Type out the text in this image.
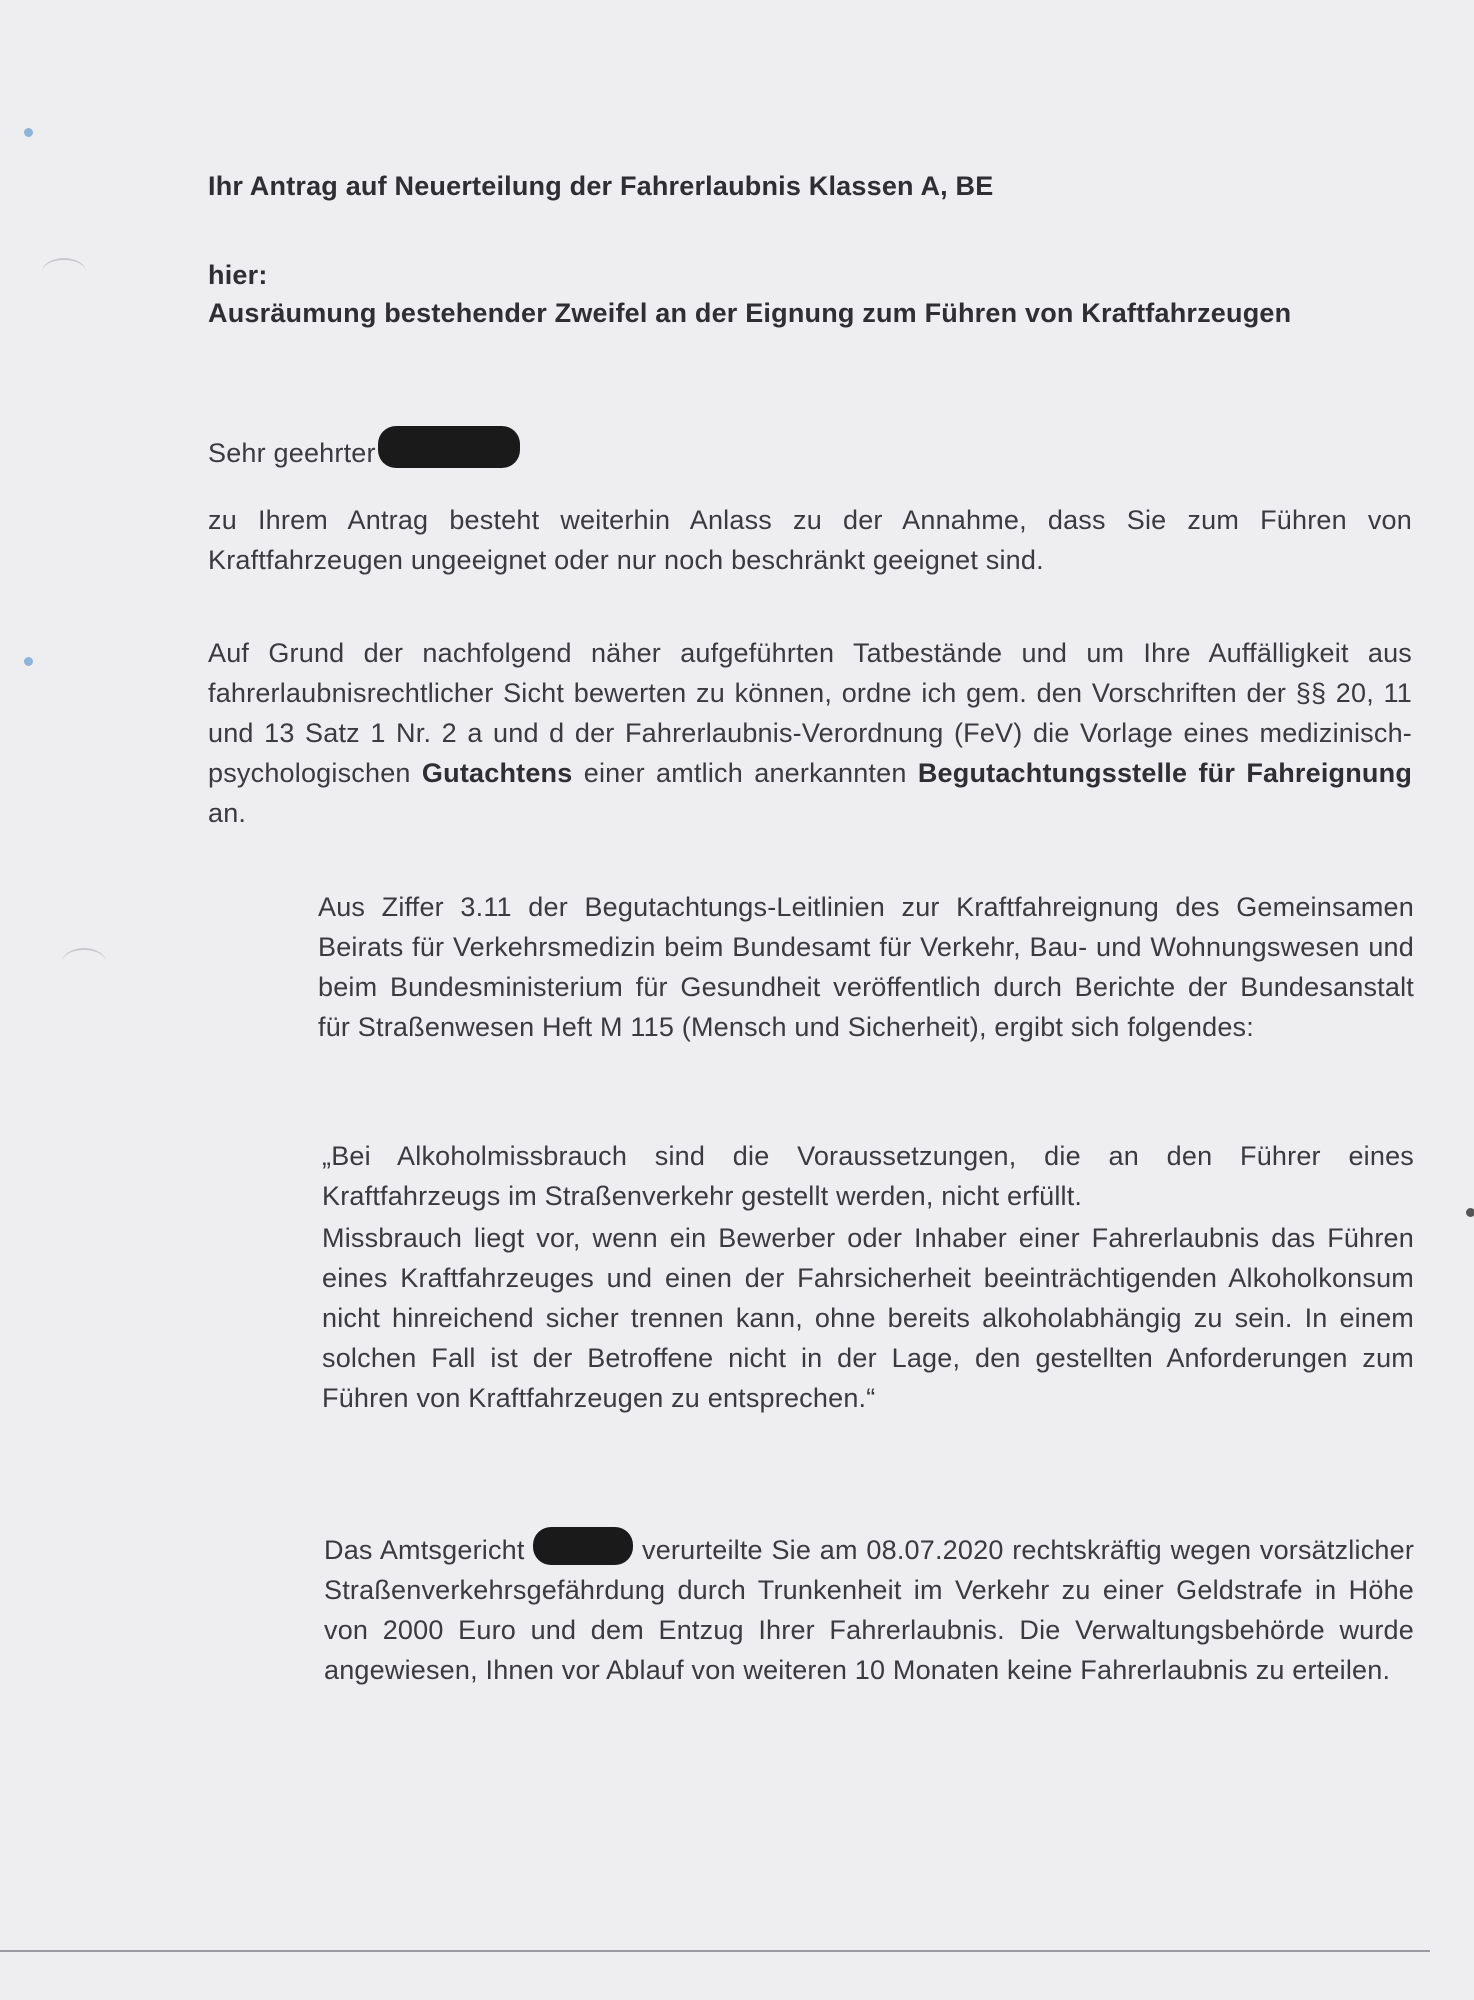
Ihr Antrag auf Neuerteilung der Fahrerlaubnis Klassen A, BE

hier:

Ausräumung bestehender Zweifel an der Eignung zum Führen von Kraftfahrzeugen

Sehr geehrter

zu Ihrem Antrag besteht weiterhin Anlass zu der Annahme, dass Sie zum Führen von Kraftfahrzeugen ungeeignet oder nur noch beschränkt geeignet sind.

Auf Grund der nachfolgend näher aufgeführten Tatbestände und um Ihre Auffälligkeit aus fahrerlaubnisrechtlicher Sicht bewerten zu können, ordne ich gem. den Vorschriften der §§ 20, 11 und 13 Satz 1 Nr. 2 a und d der Fahrerlaubnis-Verordnung (FeV) die Vorlage eines medizinisch-psychologischen Gutachtens einer amtlich anerkannten Begutachtungsstelle für Fahreignung an.

Aus Ziffer 3.11 der Begutachtungs-Leitlinien zur Kraftfahreignung des Gemeinsamen Beirats für Verkehrsmedizin beim Bundesamt für Verkehr, Bau- und Wohnungswesen und beim Bundesministerium für Gesundheit veröffentlich durch Berichte der Bundesanstalt für Straßenwesen Heft M 115 (Mensch und Sicherheit), ergibt sich folgendes:

„Bei Alkoholmissbrauch sind die Voraussetzungen, die an den Führer eines Kraftfahrzeugs im Straßenverkehr gestellt werden, nicht erfüllt.

Missbrauch liegt vor, wenn ein Bewerber oder Inhaber einer Fahrerlaubnis das Führen eines Kraftfahrzeuges und einen der Fahrsicherheit beeinträchtigenden Alkoholkonsum nicht hinreichend sicher trennen kann, ohne bereits alkoholabhängig zu sein. In einem solchen Fall ist der Betroffene nicht in der Lage, den gestellten Anforderungen zum Führen von Kraftfahrzeugen zu entsprechen.“

Das Amtsgericht	verurteilte Sie am 08.07.2020 rechtskräftig wegen vorsätzlicher Straßenverkehrsgefährdung durch Trunkenheit im Verkehr zu einer Geldstrafe in Höhe von 2000 Euro und dem Entzug Ihrer Fahrerlaubnis. Die Verwaltungsbehörde wurde angewiesen, Ihnen vor Ablauf von weiteren 10 Monaten keine Fahrerlaubnis zu erteilen.
